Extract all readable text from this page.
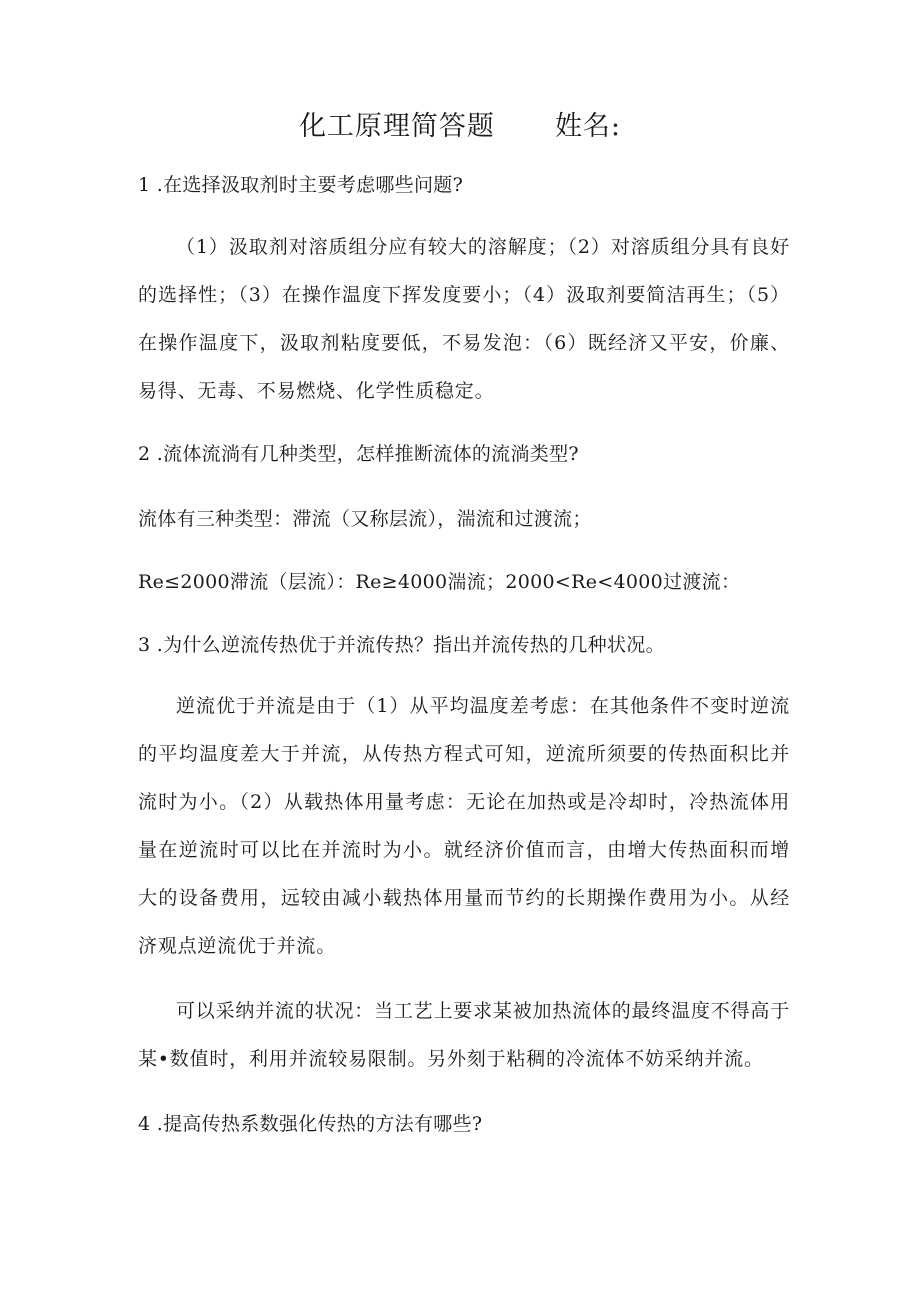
化工原理简答题 姓名:
1 .在选择汲取剂时主要考虑哪些问题?
（1）汲取剂对溶质组分应有较大的溶解度；（2）对溶质组分具有良好的选择性；（3）在操作温度下挥发度要小；（4）汲取剂要简洁再生；（5）在操作温度下，汲取剂粘度要低，不易发泡：（6）既经济又平安，价廉、易得、无毒、不易燃烧、化学性质稳定。
2 .流体流淌有几种类型，怎样推断流体的流淌类型?
流体有三种类型：滞流（又称层流），湍流和过渡流；
Re≤2000滞流（层流）：Re≥4000湍流；2000<Re<4000过渡流：
3 .为什么逆流传热优于并流传热？指出并流传热的几种状况。
逆流优于并流是由于（1）从平均温度差考虑：在其他条件不变时逆流的平均温度差大于并流，从传热方程式可知，逆流所须要的传热面积比并流时为小。（2）从载热体用量考虑：无论在加热或是冷却时，冷热流体用量在逆流时可以比在并流时为小。就经济价值而言，由增大传热面积而增大的设备费用，远较由减小载热体用量而节约的长期操作费用为小。从经济观点逆流优于并流。
可以采纳并流的状况：当工艺上要求某被加热流体的最终温度不得高于某•数值时，利用并流较易限制。另外刻于粘稠的冷流体不妨采纳并流。
4 .提高传热系数强化传热的方法有哪些?
